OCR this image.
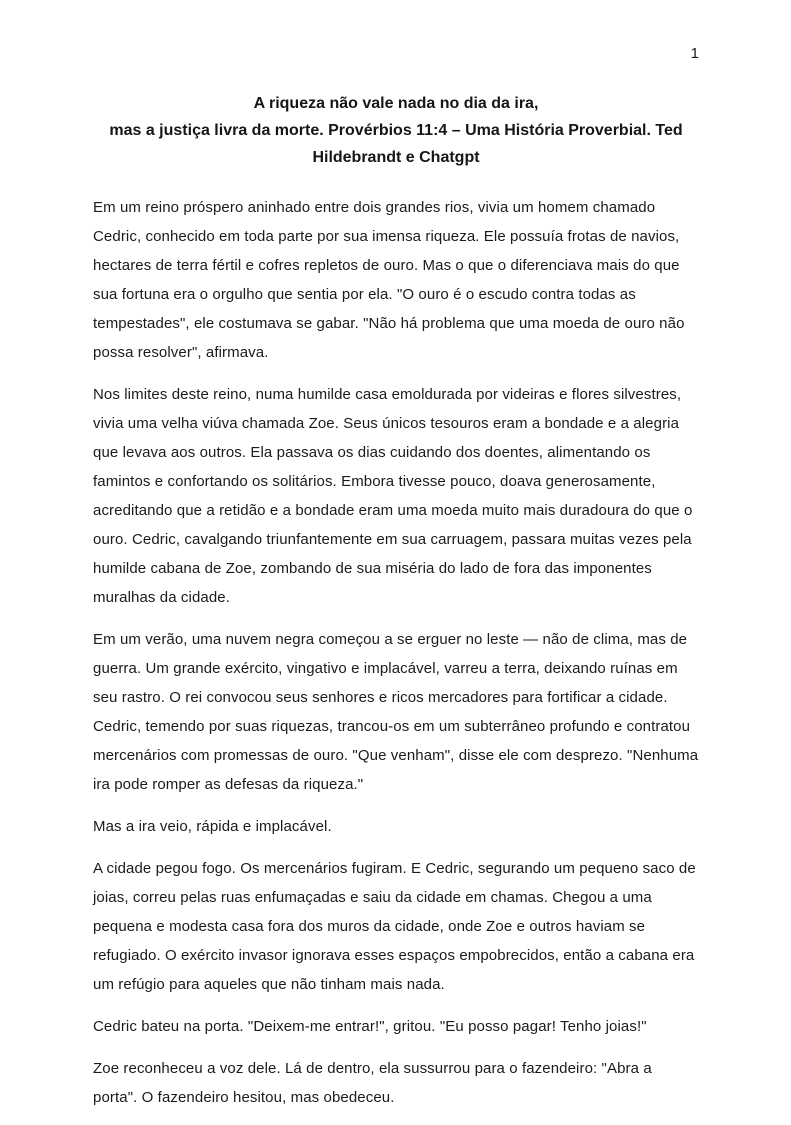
1
A riqueza não vale nada no dia da ira,
mas a justiça livra da morte. Provérbios 11:4 – Uma História Proverbial. Ted
Hildebrandt e Chatgpt

Em um reino próspero aninhado entre dois grandes rios, vivia um homem chamado Cedric, conhecido em toda parte por sua imensa riqueza. Ele possuía frotas de navios, hectares de terra fértil e cofres repletos de ouro. Mas o que o diferenciava mais do que sua fortuna era o orgulho que sentia por ela. "O ouro é o escudo contra todas as tempestades", ele costumava se gabar. "Não há problema que uma moeda de ouro não possa resolver", afirmava.

Nos limites deste reino, numa humilde casa emoldurada por videiras e flores silvestres, vivia uma velha viúva chamada Zoe. Seus únicos tesouros eram a bondade e a alegria que levava aos outros. Ela passava os dias cuidando dos doentes, alimentando os famintos e confortando os solitários. Embora tivesse pouco, doava generosamente, acreditando que a retidão e a bondade eram uma moeda muito mais duradoura do que o ouro. Cedric, cavalgando triunfantemente em sua carruagem, passara muitas vezes pela humilde cabana de Zoe, zombando de sua miséria do lado de fora das imponentes muralhas da cidade.

Em um verão, uma nuvem negra começou a se erguer no leste — não de clima, mas de guerra. Um grande exército, vingativo e implacável, varreu a terra, deixando ruínas em seu rastro. O rei convocou seus senhores e ricos mercadores para fortificar a cidade. Cedric, temendo por suas riquezas, trancou-os em um subterrâneo profundo e contratou mercenários com promessas de ouro. "Que venham", disse ele com desprezo. "Nenhuma ira pode romper as defesas da riqueza."

Mas a ira veio, rápida e implacável.

A cidade pegou fogo. Os mercenários fugiram. E Cedric, segurando um pequeno saco de joias, correu pelas ruas enfumaçadas e saiu da cidade em chamas. Chegou a uma pequena e modesta casa fora dos muros da cidade, onde Zoe e outros haviam se refugiado. O exército invasor ignorava esses espaços empobrecidos, então a cabana era um refúgio para aqueles que não tinham mais nada.

Cedric bateu na porta. "Deixem-me entrar!", gritou. "Eu posso pagar! Tenho joias!"

Zoe reconheceu a voz dele. Lá de dentro, ela sussurrou para o fazendeiro: "Abra a porta". O fazendeiro hesitou, mas obedeceu.
